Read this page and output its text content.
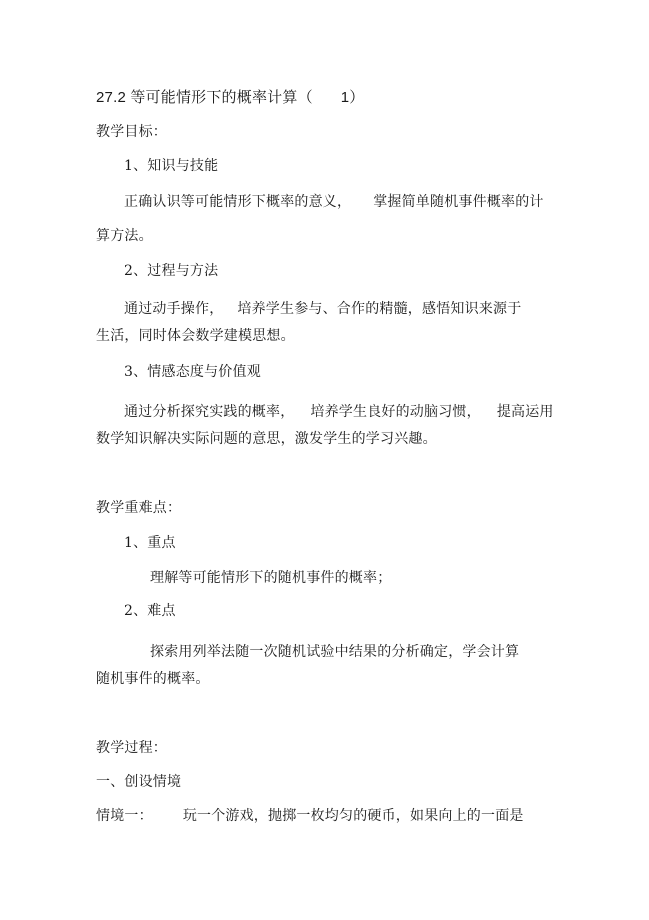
27.2 等可能情形下的概率计算（ 1）
教学目标：
1、知识与技能
正确认识等可能情形下概率的意义， 掌握简单随机事件概率的计
算方法。
2、过程与方法
通过动手操作， 培养学生参与、合作的精髓，感悟知识来源于
生活，同时体会数学建模思想。
3、情感态度与价值观
通过分析探究实践的概率， 培养学生良好的动脑习惯， 提高运用
数学知识解决实际问题的意思，激发学生的学习兴趣。
教学重难点：
1、重点
理解等可能情形下的随机事件的概率；
2、难点
探索用列举法随一次随机试验中结果的分析确定，学会计算
随机事件的概率。
教学过程：
一、创设情境
情境一： 玩一个游戏，抛掷一枚均匀的硬币，如果向上的一面是
